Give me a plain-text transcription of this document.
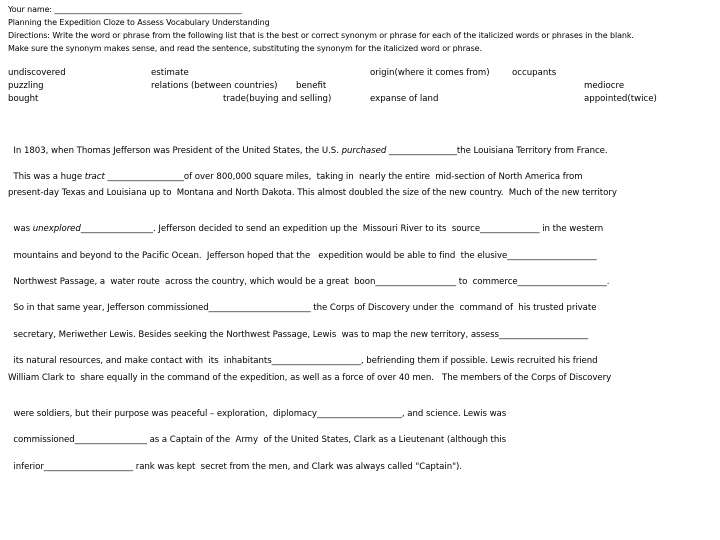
Your name: ________________________________________________
Planning the Expedition Cloze to Assess Vocabulary Understanding
Directions: Write the word or phrase from the following list that is the best or correct synonym or phrase for each of the italicized words or phrases in the blank.
Make sure the synonym makes sense, and read the sentence, substituting the synonym for the italicized word or phrase.
undiscovered	estimate	origin(where it comes from)	occupants
puzzling	relations (between countries) benefit	mediocre
bought	trade(buying and selling)	expanse of land	appointed(twice)

In 1803, when Thomas Jefferson was President of the United States, the U.S. purchased ________________the Louisiana Territory from France.

This was a huge tract __________________of over 800,000 square miles,  taking in  nearly the entire  mid-section of North America from

present-day Texas and Louisiana up to  Montana and North Dakota. This almost doubled the size of the new country.  Much of the new territory

was unexplored_________________. Jefferson decided to send an expedition up the  Missouri River to its  source______________ in the western

mountains and beyond to the Pacific Ocean.  Jefferson hoped that the   expedition would be able to find  the elusive_____________________

Northwest Passage, a  water route  across the country, which would be a great  boon___________________ to  commerce_____________________.

So in that same year, Jefferson commissioned________________________ the Corps of Discovery under the  command of  his trusted private

secretary, Meriwether Lewis. Besides seeking the Northwest Passage, Lewis  was to map the new territory, assess_____________________

its natural resources, and make contact with  its  inhabitants_____________________, befriending them if possible. Lewis recruited his friend

William Clark to  share equally in the command of the expedition, as well as a force of over 40 men.   The members of the Corps of Discovery

were soldiers, but their purpose was peaceful – exploration,  diplomacy____________________, and science. Lewis was

commissioned_________________ as a Captain of the  Army  of the United States, Clark as a Lieutenant (although this

inferior_____________________ rank was kept  secret from the men, and Clark was always called "Captain").
